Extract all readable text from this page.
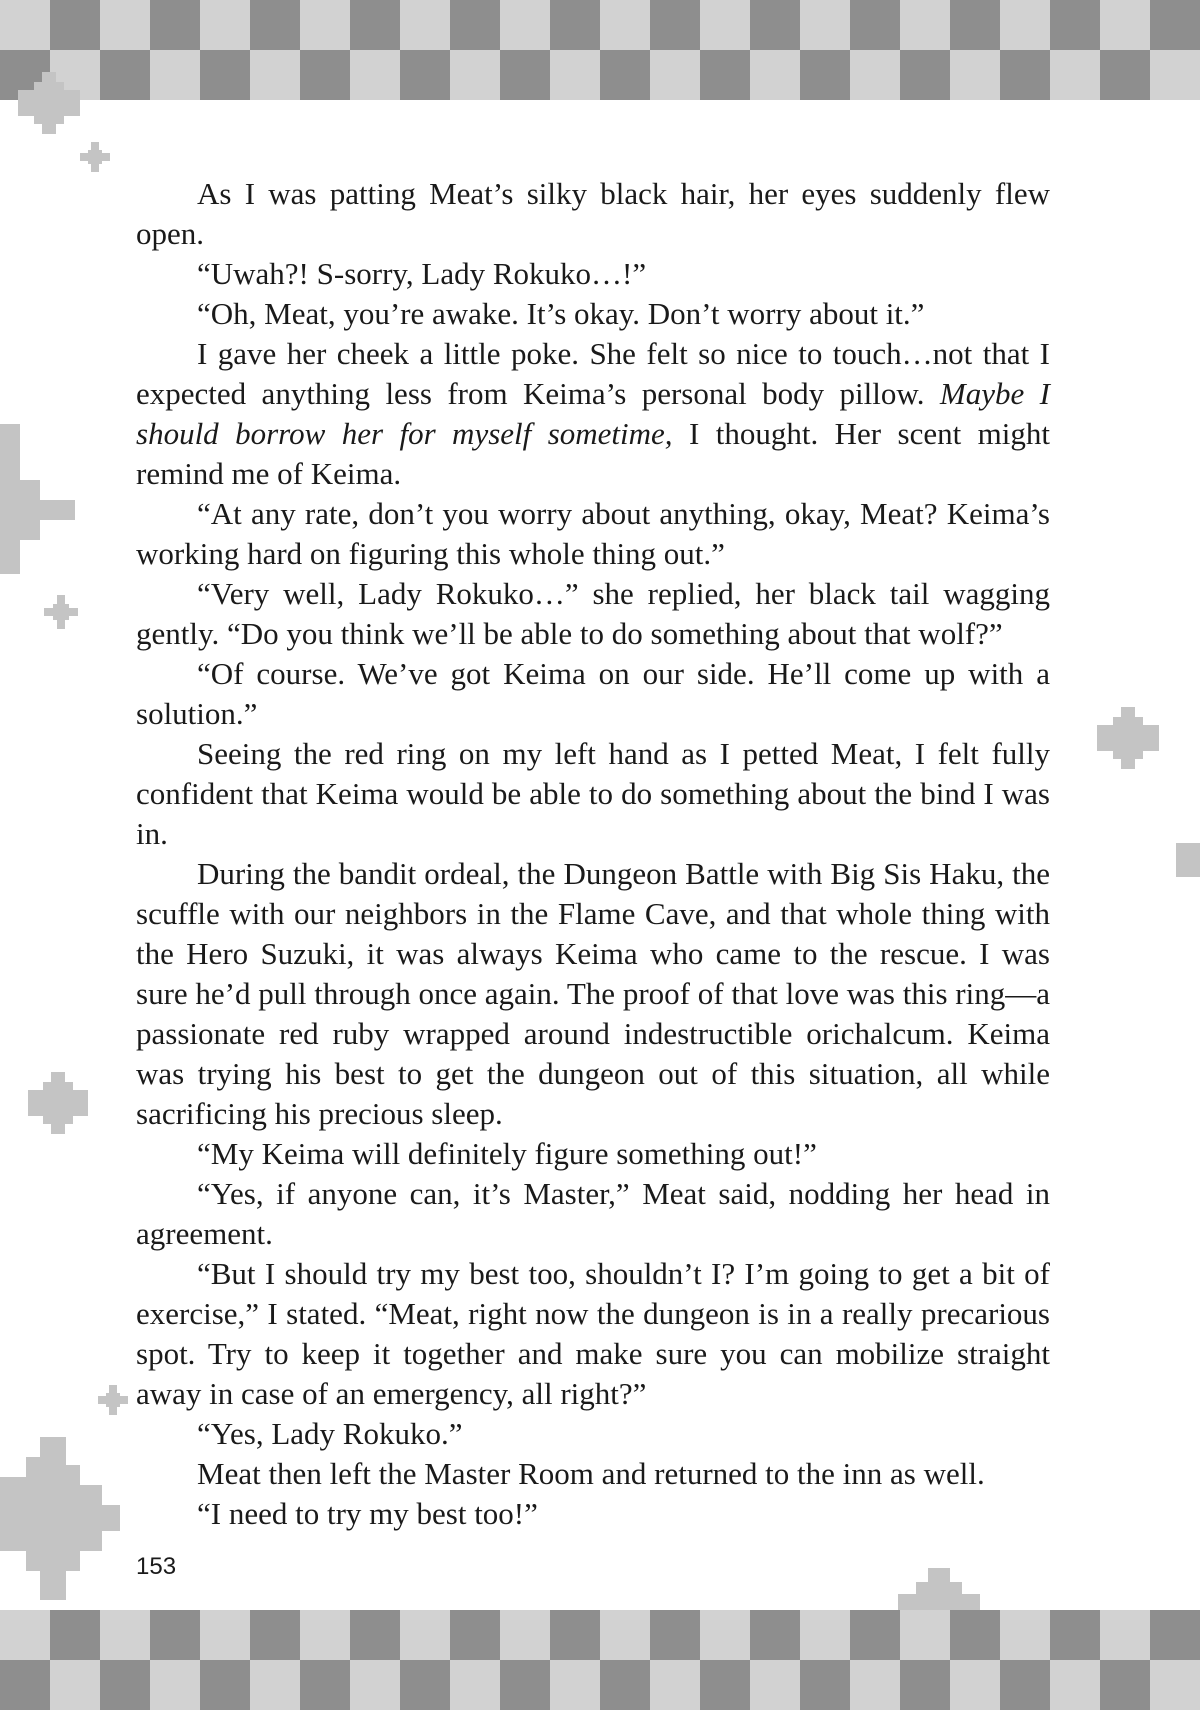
As I was patting Meat’s silky black hair, her eyes suddenly flew open.

“Uwah?! S-sorry, Lady Rokuko…!”

“Oh, Meat, you’re awake. It’s okay. Don’t worry about it.”

I gave her cheek a little poke. She felt so nice to touch…not that I expected anything less from Keima’s personal body pillow. Maybe I should borrow her for myself sometime, I thought. Her scent might remind me of Keima.

“At any rate, don’t you worry about anything, okay, Meat? Keima’s working hard on figuring this whole thing out.”

“Very well, Lady Rokuko…” she replied, her black tail wagging gently. “Do you think we’ll be able to do something about that wolf?”

“Of course. We’ve got Keima on our side. He’ll come up with a solution.”

Seeing the red ring on my left hand as I petted Meat, I felt fully confident that Keima would be able to do something about the bind I was in.

During the bandit ordeal, the Dungeon Battle with Big Sis Haku, the scuffle with our neighbors in the Flame Cave, and that whole thing with the Hero Suzuki, it was always Keima who came to the rescue. I was sure he’d pull through once again. The proof of that love was this ring—a passionate red ruby wrapped around indestructible orichalcum. Keima was trying his best to get the dungeon out of this situation, all while sacrificing his precious sleep.

“My Keima will definitely figure something out!”

“Yes, if anyone can, it’s Master,” Meat said, nodding her head in agreement.

“But I should try my best too, shouldn’t I? I’m going to get a bit of exercise,” I stated. “Meat, right now the dungeon is in a really precarious spot. Try to keep it together and make sure you can mobilize straight away in case of an emergency, all right?”

“Yes, Lady Rokuko.”

Meat then left the Master Room and returned to the inn as well.

“I need to try my best too!”

153
